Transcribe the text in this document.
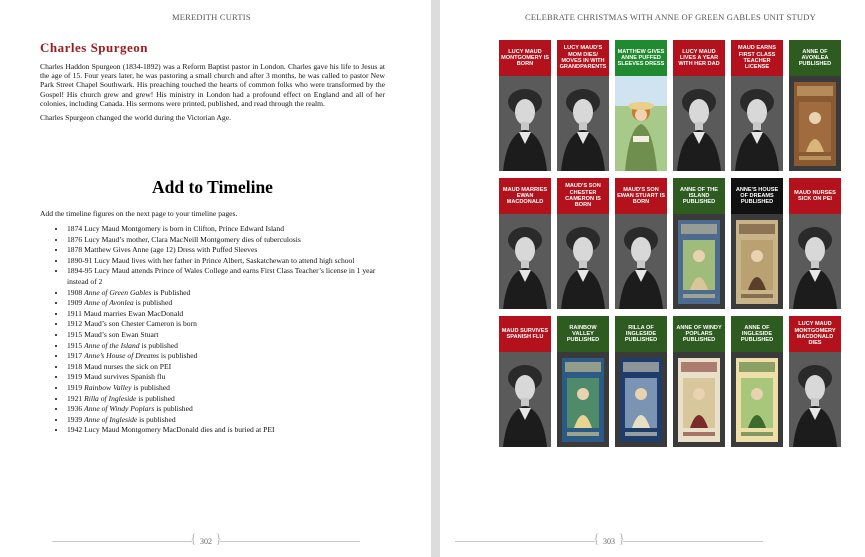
MEREDITH CURTIS
Charles Spurgeon

Charles Haddon Spurgeon (1834-1892) was a Reform Baptist pastor in London. Charles gave his life to Jesus at the age of 15. Four years later, he was pastoring a small church and after 3 months, he was called to pastor New Park Street Chapel Southwark. His preaching touched the hearts of common folks who were transformed by the Gospel! His church grew and grew! His ministry in London had a profound effect on England and all of her colonies, including Canada. His sermons were printed, published, and read through the realm.

Charles Spurgeon changed the world during the Victorian Age.

Add to Timeline

Add the timeline figures on the next page to your timeline pages.

• 1874 Lucy Maud Montgomery is born in Clifton, Prince Edward Island
• 1876 Lucy Maud’s mother, Clara MacNeill Montgomery dies of tuberculosis
• 1878 Matthew Gives Anne (age 12) Dress with Puffed Sleeves
• 1890-91 Lucy Maud lives with her father in Prince Albert, Saskatchewan to attend high school
• 1894-95 Lucy Maud attends Prince of Wales College and earns First Class Teacher’s license in 1 year instead of 2
• 1908 Anne of Green Gables is Published
• 1909 Anne of Avonlea is published
• 1911 Maud marries Ewan MacDonald
• 1912 Maud’s son Chester Cameron is born
• 1915 Maud’s son Ewan Stuart
• 1915 Anne of the Island is published
• 1917 Anne’s House of Dreams is published
• 1918 Maud nurses the sick on PEI
• 1919 Maud survives Spanish flu
• 1919 Rainbow Valley is published
• 1921 Rilla of Ingleside is published
• 1936 Anne of Windy Poplars is published
• 1939 Anne of Ingleside is published
• 1942 Lucy Maud Montgomery MacDonald dies and is buried at PEI
{ 302 }
CELEBRATE CHRISTMAS WITH ANNE OF GREEN GABLES UNIT STUDY
LUCY MAUD MONTGOMERY IS BORN
LUCY MAUD'S MOM DIES/ MOVES IN WITH GRANDPARENTS
MATTHEW GIVES ANNE PUFFED SLEEVES DRESS
LUCY MAUD LIVES A YEAR WITH HER DAD
MAUD EARNS FIRST CLASS TEACHER LICENSE
ANNE OF AVONLEA PUBLISHED
MAUD MARRIES EWAN MACDONALD
MAUD'S SON CHESTER CAMERON IS BORN
MAUD'S SON EWAN STUART IS BORN
ANNE OF THE ISLAND PUBLISHED
ANNE'S HOUSE OF DREAMS PUBLISHED
MAUD NURSES SICK ON PEI
MAUD SURVIVES SPANISH FLU
RAINBOW VALLEY PUBLISHED
RILLA OF INGLESIDE PUBLISHED
ANNE OF WINDY POPLARS PUBLISHED
ANNE OF INGLESIDE PUBLISHED
LUCY MAUD MONTGOMERY MACDONALD DIES
{ 303 }
